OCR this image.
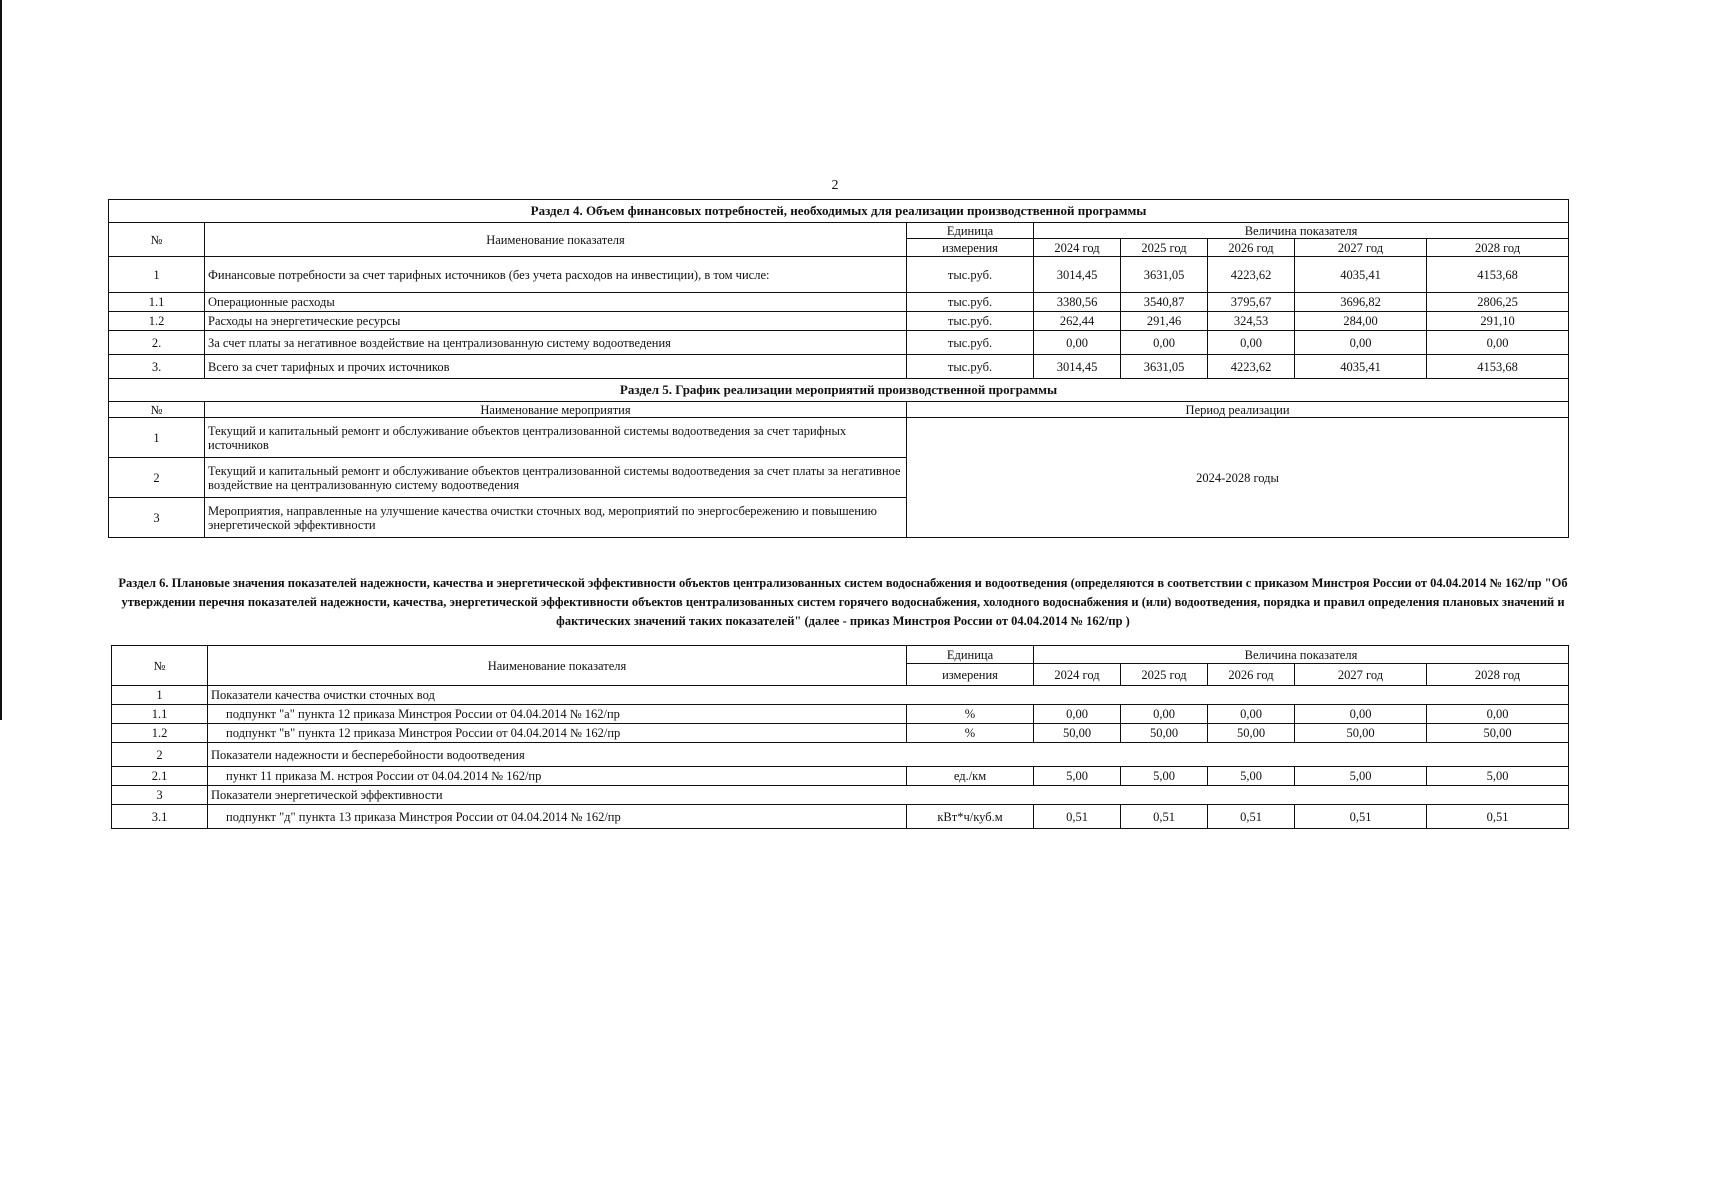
2
Раздел 4. Объем финансовых потребностей, необходимых для реализации производственной программы							
№	Наименование показателя	Единица	Величина показателя				
		измерения	2024 год	2025 год	2026 год	2027 год	2028 год
1	Финансовые потребности за счет тарифных источников (без учета расходов на инвестиции), в том числе:	тыс.руб.	3014,45	3631,05	4223,62	4035,41	4153,68
1.1	Операционные расходы	тыс.руб.	3380,56	3540,87	3795,67	3696,82	2806,25
1.2	Расходы на энергетические ресурсы	тыс.руб.	262,44	291,46	324,53	284,00	291,10
2.	За счет платы за негативное воздействие на централизованную систему водоотведения	тыс.руб.	0,00	0,00	0,00	0,00	0,00
3.	Всего за счет тарифных и прочих источников	тыс.руб.	3014,45	3631,05	4223,62	4035,41	4153,68
Раздел 5. График реализации мероприятий производственной программы							
№	Наименование мероприятия	Период реализации					
1	Текущий и капитальный ремонт и обслуживание объектов централизованной системы водоотведения за счет тарифных источников	2024-2028 годы					
2	Текущий и капитальный ремонт и обслуживание объектов централизованной системы водоотведения за счет платы за негативное воздействие на централизованную систему водоотведения						
3	Мероприятия, направленные на улучшение качества очистки сточных вод, мероприятий по энергосбережению и повышению энергетической эффективности						
Раздел 6. Плановые значения показателей надежности, качества и энергетической эффективности объектов централизованных систем водоснабжения и водоотведения (определяются в соответствии с приказом Минстроя России от 04.04.2014 № 162/пр "Об утверждении перечня показателей надежности, качества, энергетической эффективности объектов централизованных систем горячего водоснабжения, холодного водоснабжения и (или) водоотведения, порядка и правил определения плановых значений и фактических значений таких показателей" (далее - приказ Минстроя России от 04.04.2014 № 162/пр )
№	Наименование показателя	Единица	Величина показателя				
		измерения	2024 год	2025 год	2026 год	2027 год	2028 год
1	Показатели качества очистки сточных вод						
1.1	подпункт "а" пункта 12 приказа Минстроя России от 04.04.2014 № 162/пр	%	0,00	0,00	0,00	0,00	0,00
1.2	подпункт "в" пункта 12 приказа Минстроя России от 04.04.2014 № 162/пр	%	50,00	50,00	50,00	50,00	50,00
2	Показатели надежности и бесперебойности водоотведения						
2.1	пункт 11 приказа М. нстроя России от 04.04.2014 № 162/пр	ед./км	5,00	5,00	5,00	5,00	5,00
3	Показатели энергетической эффективности						
3.1	подпункт "д" пункта 13 приказа Минстроя России от 04.04.2014 № 162/пр	кВт*ч/куб.м	0,51	0,51	0,51	0,51	0,51
